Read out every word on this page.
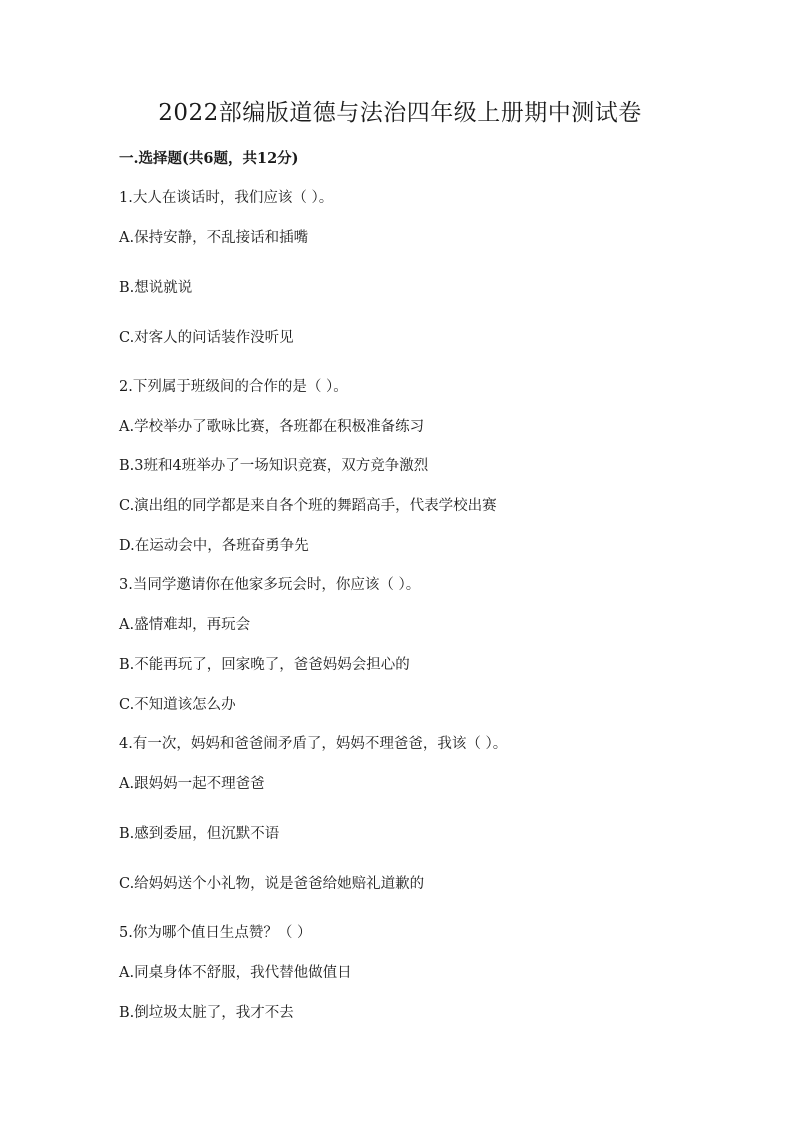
2022部编版道德与法治四年级上册期中测试卷
一.选择题(共6题，共12分)
1.大人在谈话时，我们应该（ ）。
A.保持安静，不乱接话和插嘴
B.想说就说
C.对客人的问话装作没听见
2.下列属于班级间的合作的是（ ）。
A.学校举办了歌咏比赛，各班都在积极准备练习
B.3班和4班举办了一场知识竞赛，双方竞争激烈
C.演出组的同学都是来自各个班的舞蹈高手，代表学校出赛
D.在运动会中，各班奋勇争先
3.当同学邀请你在他家多玩会时，你应该（ ）。
A.盛情难却，再玩会
B.不能再玩了，回家晚了，爸爸妈妈会担心的
C.不知道该怎么办
4.有一次，妈妈和爸爸闹矛盾了，妈妈不理爸爸，我该（ ）。
A.跟妈妈一起不理爸爸
B.感到委屈，但沉默不语
C.给妈妈送个小礼物，说是爸爸给她赔礼道歉的
5.你为哪个值日生点赞？（ ）
A.同桌身体不舒服，我代替他做值日
B.倒垃圾太脏了，我才不去
